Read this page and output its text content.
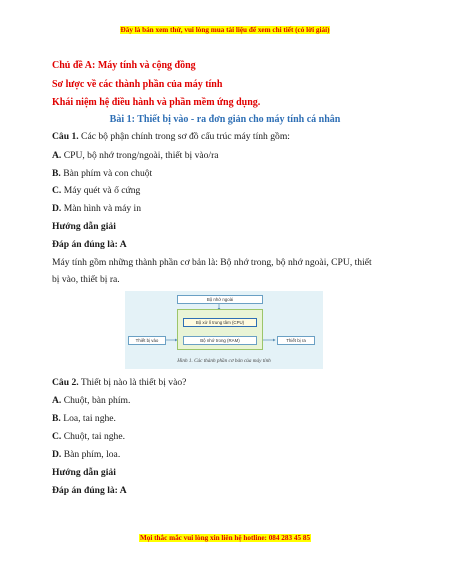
Đây là bản xem thử, vui lòng mua tài liệu để xem chi tiết (có lời giải)
Chủ đề A: Máy tính và cộng đồng
Sơ lược về các thành phần của máy tính
Khái niệm hệ điều hành và phần mềm ứng dụng.
Bài 1: Thiết bị vào - ra đơn giản cho máy tính cá nhân
Câu 1. Các bộ phận chính trong sơ đồ cấu trúc máy tính gồm:
A. CPU, bộ nhớ trong/ngoài, thiết bị vào/ra
B. Bàn phím và con chuột
C. Máy quét và ổ cứng
D. Màn hình và máy in
Hướng dẫn giải
Đáp án đúng là: A
Máy tính gồm những thành phần cơ bản là: Bộ nhớ trong, bộ nhớ ngoài, CPU, thiết
bị vào, thiết bị ra.
Bộ nhớ ngoài
Bộ xử lí trung tâm (CPU)
Bộ nhớ trong (RAM)
Thiết bị vào	Thiết bị ra
Hình 1. Các thành phần cơ bản của máy tính
Câu 2. Thiết bị nào là thiết bị vào?
A. Chuột, bàn phím.
B. Loa, tai nghe.
C. Chuột, tai nghe.
D. Bàn phím, loa.
Hướng dẫn giải
Đáp án đúng là: A
Mọi thắc mắc vui lòng xin liên hệ hotline: 084 283 45 85
